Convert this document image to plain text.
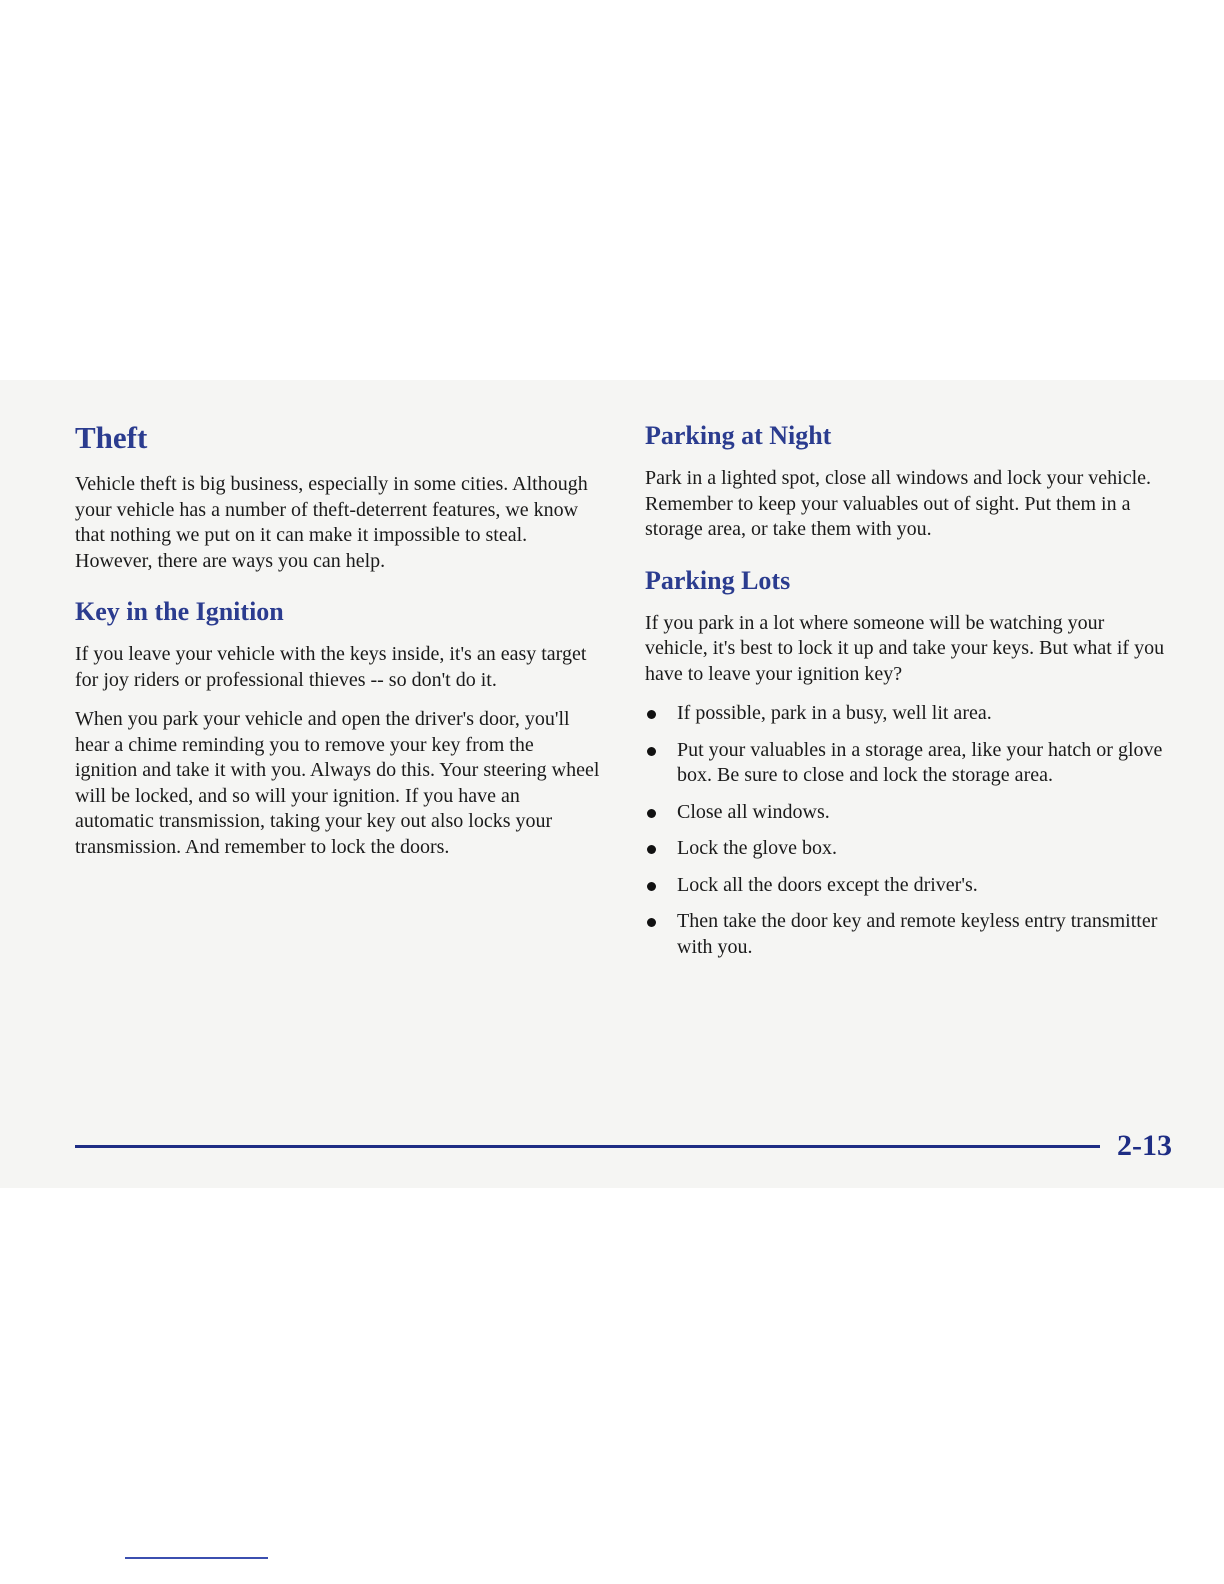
Theft

Vehicle theft is big business, especially in some cities. Although your vehicle has a number of theft-deterrent features, we know that nothing we put on it can make it impossible to steal. However, there are ways you can help.

Key in the Ignition

If you leave your vehicle with the keys inside, it's an easy target for joy riders or professional thieves -- so don't do it.

When you park your vehicle and open the driver's door, you'll hear a chime reminding you to remove your key from the ignition and take it with you. Always do this. Your steering wheel will be locked, and so will your ignition. If you have an automatic transmission, taking your key out also locks your transmission. And remember to lock the doors.

Parking at Night

Park in a lighted spot, close all windows and lock your vehicle. Remember to keep your valuables out of sight. Put them in a storage area, or take them with you.

Parking Lots

If you park in a lot where someone will be watching your vehicle, it's best to lock it up and take your keys. But what if you have to leave your ignition key?

If possible, park in a busy, well lit area.
Put your valuables in a storage area, like your hatch or glove box. Be sure to close and lock the storage area.
Close all windows.
Lock the glove box.
Lock all the doors except the driver's.
Then take the door key and remote keyless entry transmitter with you.
2-13
